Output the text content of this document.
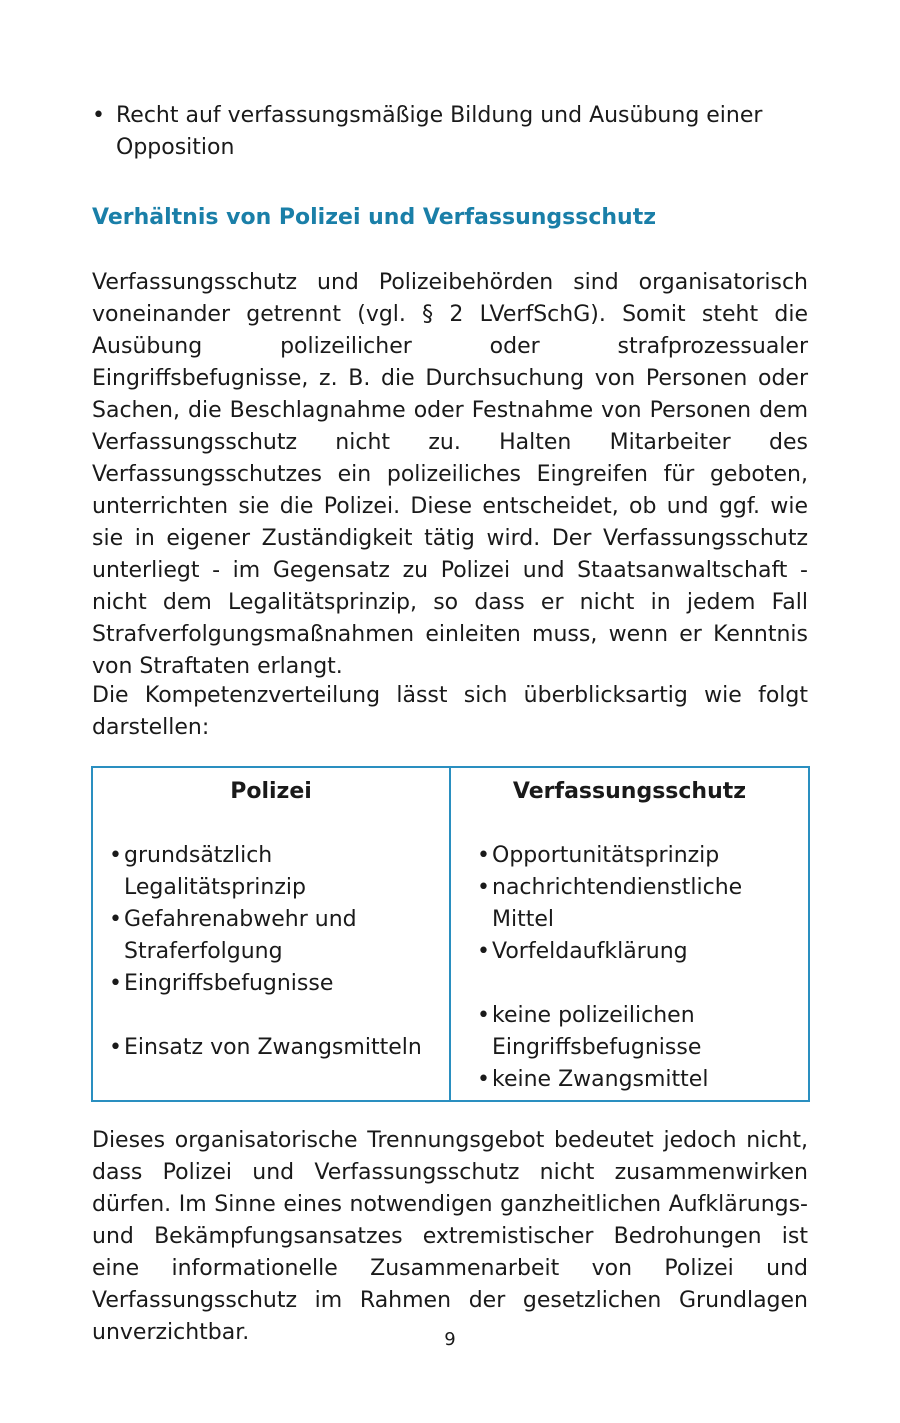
• Recht auf verfassungsmäßige Bildung und Ausübung einer Opposition
Verhältnis von Polizei und Verfassungsschutz

Verfassungsschutz und Polizeibehörden sind organisatorisch voneinander getrennt (vgl. § 2 LVerfSchG). Somit steht die Ausübung polizeilicher oder strafprozessualer Eingriffsbefugnisse, z. B. die Durchsuchung von Personen oder Sachen, die Beschlagnahme oder Festnahme von Personen dem Verfassungsschutz nicht zu. Halten Mitarbeiter des Verfassungsschutzes ein polizeiliches Eingreifen für geboten, unterrichten sie die Polizei. Diese entscheidet, ob und ggf. wie sie in eigener Zuständigkeit tätig wird. Der Verfassungsschutz unterliegt - im Gegensatz zu Polizei und Staatsanwaltschaft - nicht dem Legalitätsprinzip, so dass er nicht in jedem Fall Strafverfolgungsmaßnahmen einleiten muss, wenn er Kenntnis von Straftaten erlangt.

Die Kompetenzverteilung lässt sich überblicksartig wie folgt darstellen:

Polizei
• grundsätzlich Legalitätsprinzip
• Gefahrenabwehr und Straferfolgung
• Eingriffsbefugnisse
• Einsatz von Zwangsmitteln

Verfassungsschutz
• Opportunitätsprinzip
• nachrichtendienstliche Mittel
• Vorfeldaufklärung
• keine polizeilichen Eingriffsbefugnisse
• keine Zwangsmittel

Dieses organisatorische Trennungsgebot bedeutet jedoch nicht, dass Polizei und Verfassungsschutz nicht zusammenwirken dürfen. Im Sinne eines notwendigen ganzheitlichen Aufklärungs- und Bekämpfungsansatzes extremistischer Bedrohungen ist eine informationelle Zusammenarbeit von Polizei und Verfassungsschutz im Rahmen der gesetzlichen Grundlagen unverzichtbar.	9
